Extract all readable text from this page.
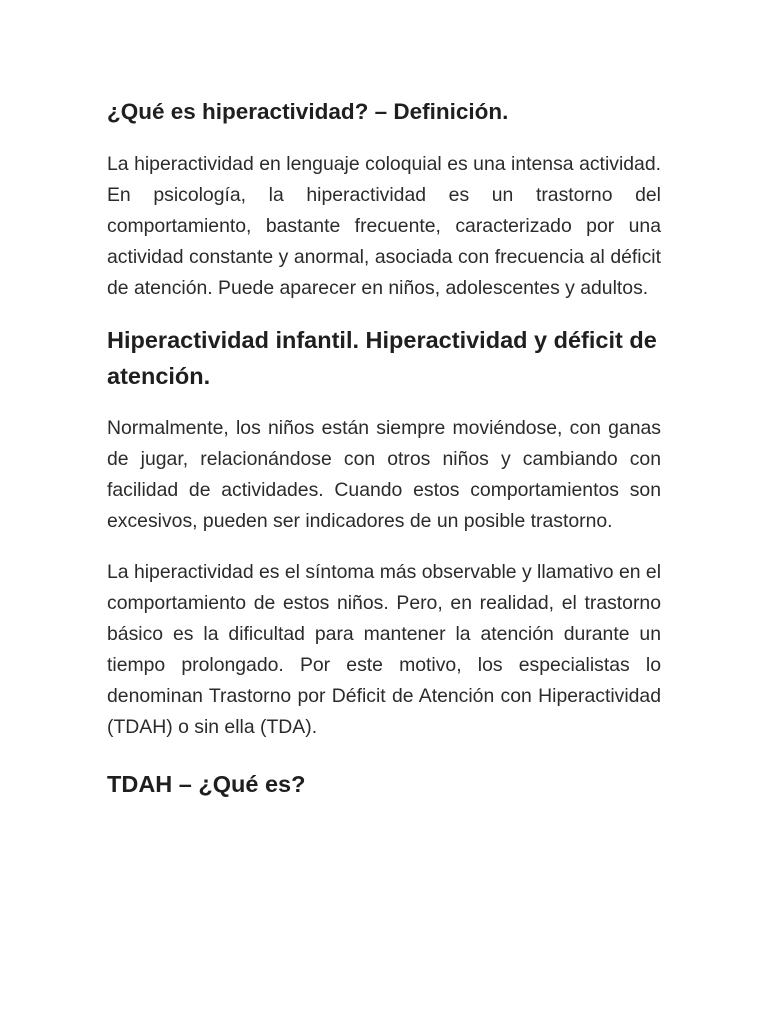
¿Qué es hiperactividad? – Definición.

La hiperactividad en lenguaje coloquial es una intensa actividad. En psicología, la hiperactividad es un trastorno del comportamiento, bastante frecuente, caracterizado por una actividad constante y anormal, asociada con frecuencia al déficit de atención. Puede aparecer en niños, adolescentes y adultos.

Hiperactividad infantil. Hiperactividad y déficit de atención.

Normalmente, los niños están siempre moviéndose, con ganas de jugar, relacionándose con otros niños y cambiando con facilidad de actividades. Cuando estos comportamientos son excesivos, pueden ser indicadores de un posible trastorno.

La hiperactividad es el síntoma más observable y llamativo en el comportamiento de estos niños. Pero, en realidad, el trastorno básico es la dificultad para mantener la atención durante un tiempo prolongado. Por este motivo, los especialistas lo denominan Trastorno por Déficit de Atención con Hiperactividad (TDAH) o sin ella (TDA).

TDAH – ¿Qué es?
